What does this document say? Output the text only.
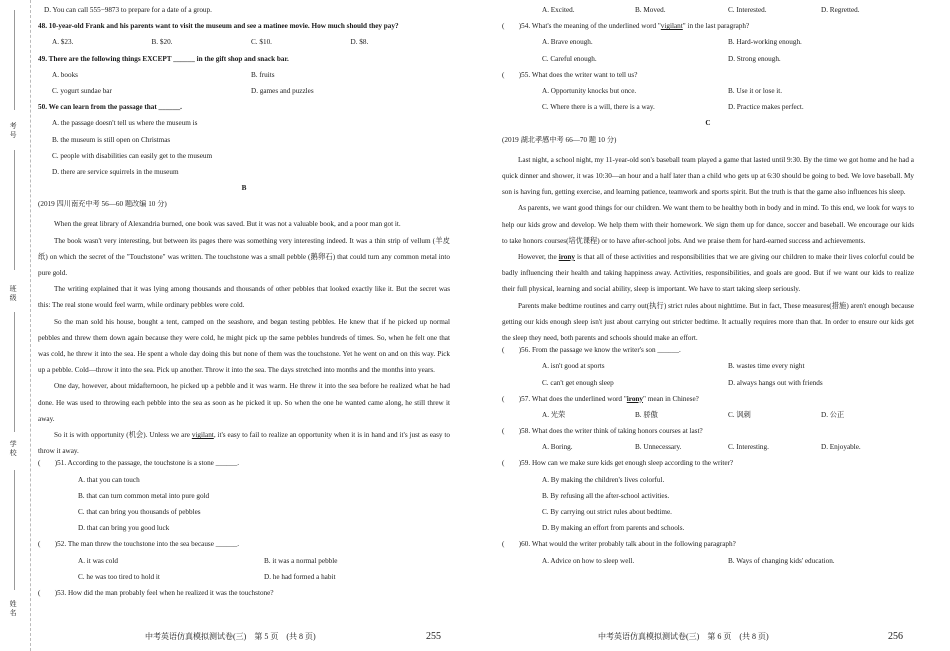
考号
班级
学校
姓名
D. You can call 555−9873 to prepare for a date of a group.
48. 10-year-old Frank and his parents want to visit the museum and see a matinee movie. How much should they pay?
A. $23.	B. $20.	C. $10.	D. $8.
49. There are the following things EXCEPT ______ in the gift shop and snack bar.
A. books	B. fruits
C. yogurt sundae bar	D. games and puzzles
50. We can learn from the passage that ______.
A. the passage doesn't tell us where the museum is
B. the museum is still open on Christmas
C. people with disabilities can easily get to the museum
D. there are service squirrels in the museum
B
(2019 四川南充中考 56—60 题改编 10 分)

When the great library of Alexandria burned, one book was saved. But it was not a valuable book, and a poor man got it.

The book wasn't very interesting, but between its pages there was something very interesting indeed. It was a thin strip of vellum (羊皮纸) on which the secret of the "Touchstone" was written. The touchstone was a small pebble (鹅卵石) that could turn any common metal into pure gold.

The writing explained that it was lying among thousands and thousands of other pebbles that looked exactly like it. But the secret was this: The real stone would feel warm, while ordinary pebbles were cold.

So the man sold his house, bought a tent, camped on the seashore, and began testing pebbles. He knew that if he picked up normal pebbles and threw them down again because they were cold, he might pick up the same pebbles hundreds of times. So, when he felt one that was cold, he threw it into the sea. He spent a whole day doing this but none of them was the touchstone. Yet he went on and on this way. Pick up a pebble. Cold—throw it into the sea. Pick up another. Throw it into the sea. The days stretched into months and the months into years.

One day, however, about midafternoon, he picked up a pebble and it was warm. He threw it into the sea before he realized what he had done. He was used to throwing each pebble into the sea as soon as he picked it up. So when the one he wanted came along, he still threw it away.

So it is with opportunity (机会). Unless we are vigilant, it's easy to fail to realize an opportunity when it is in hand and it's just as easy to throw it away.

(　　)51. According to the passage, the touchstone is a stone ______.
A. that you can touch
B. that can turn common metal into pure gold
C. that can bring you thousands of pebbles
D. that can bring you good luck
(　　)52. The man threw the touchstone into the sea because ______.
A. it was cold	B. it was a normal pebble
C. he was too tired to hold it	D. he had formed a habit
(　　)53. How did the man probably feel when he realized it was the touchstone?
中考英语仿真模拟测试卷(三)　第 5 页　(共 8 页)	255
A. Excited.	B. Moved.	C. Interested.	D. Regretted.
(　　)54. What's the meaning of the underlined word "vigilant" in the last paragraph?
A. Brave enough.	B. Hard-working enough.
C. Careful enough.	D. Strong enough.
(　　)55. What does the writer want to tell us?
A. Opportunity knocks but once.	B. Use it or lose it.
C. Where there is a will, there is a way.	D. Practice makes perfect.
C
(2019 湖北孝感中考 66—70 题 10 分)

Last night, a school night, my 11-year-old son's baseball team played a game that lasted until 9:30. By the time we got home and he had a quick dinner and shower, it was 10:30—an hour and a half later than a child who gets up at 6:30 should be going to bed. We love baseball. My son is having fun, getting exercise, and learning patience, teamwork and sports spirit. But the truth is that the game also influences his sleep.

As parents, we want good things for our children. We want them to be healthy both in body and in mind. To this end, we look for ways to help our kids grow and develop. We help them with their homework. We sign them up for dance, soccer and baseball. We encourage our kids to take honors courses(培优课程) or to have after-school jobs. And we praise them for hard-earned success and achievements.

However, the irony is that all of these activities and responsibilities that we are giving our children to make their lives colorful could be badly influencing their health and taking happiness away. Activities, responsibilities, and goals are good. But if we want our kids to realize their full physical, learning and social ability, sleep is important. We have to start taking sleep seriously.

Parents make bedtime routines and carry out(执行) strict rules about nighttime. But in fact, These measures(措施) aren't enough because getting our kids enough sleep isn't just about carrying out stricter bedtime. It actually requires more than that. In order to ensure our kids get the sleep they need, both parents and schools should make an effort.

(　　)56. From the passage we know the writer's son ______.
A. isn't good at sports	B. wastes time every night
C. can't get enough sleep	D. always hangs out with friends
(　　)57. What does the underlined word "irony" mean in Chinese?
A. 光荣	B. 骄傲	C. 讽刺	D. 公正
(　　)58. What does the writer think of taking honors courses at last?
A. Boring.	B. Unnecessary.	C. Interesting.	D. Enjoyable.
(　　)59. How can we make sure kids get enough sleep according to the writer?
A. By making the children's lives colorful.
B. By refusing all the after-school activities.
C. By carrying out strict rules about bedtime.
D. By making an effort from parents and schools.
(　　)60. What would the writer probably talk about in the following paragraph?
A. Advice on how to sleep well.	B. Ways of changing kids' education.
中考英语仿真模拟测试卷(三)　第 6 页　(共 8 页)	256
